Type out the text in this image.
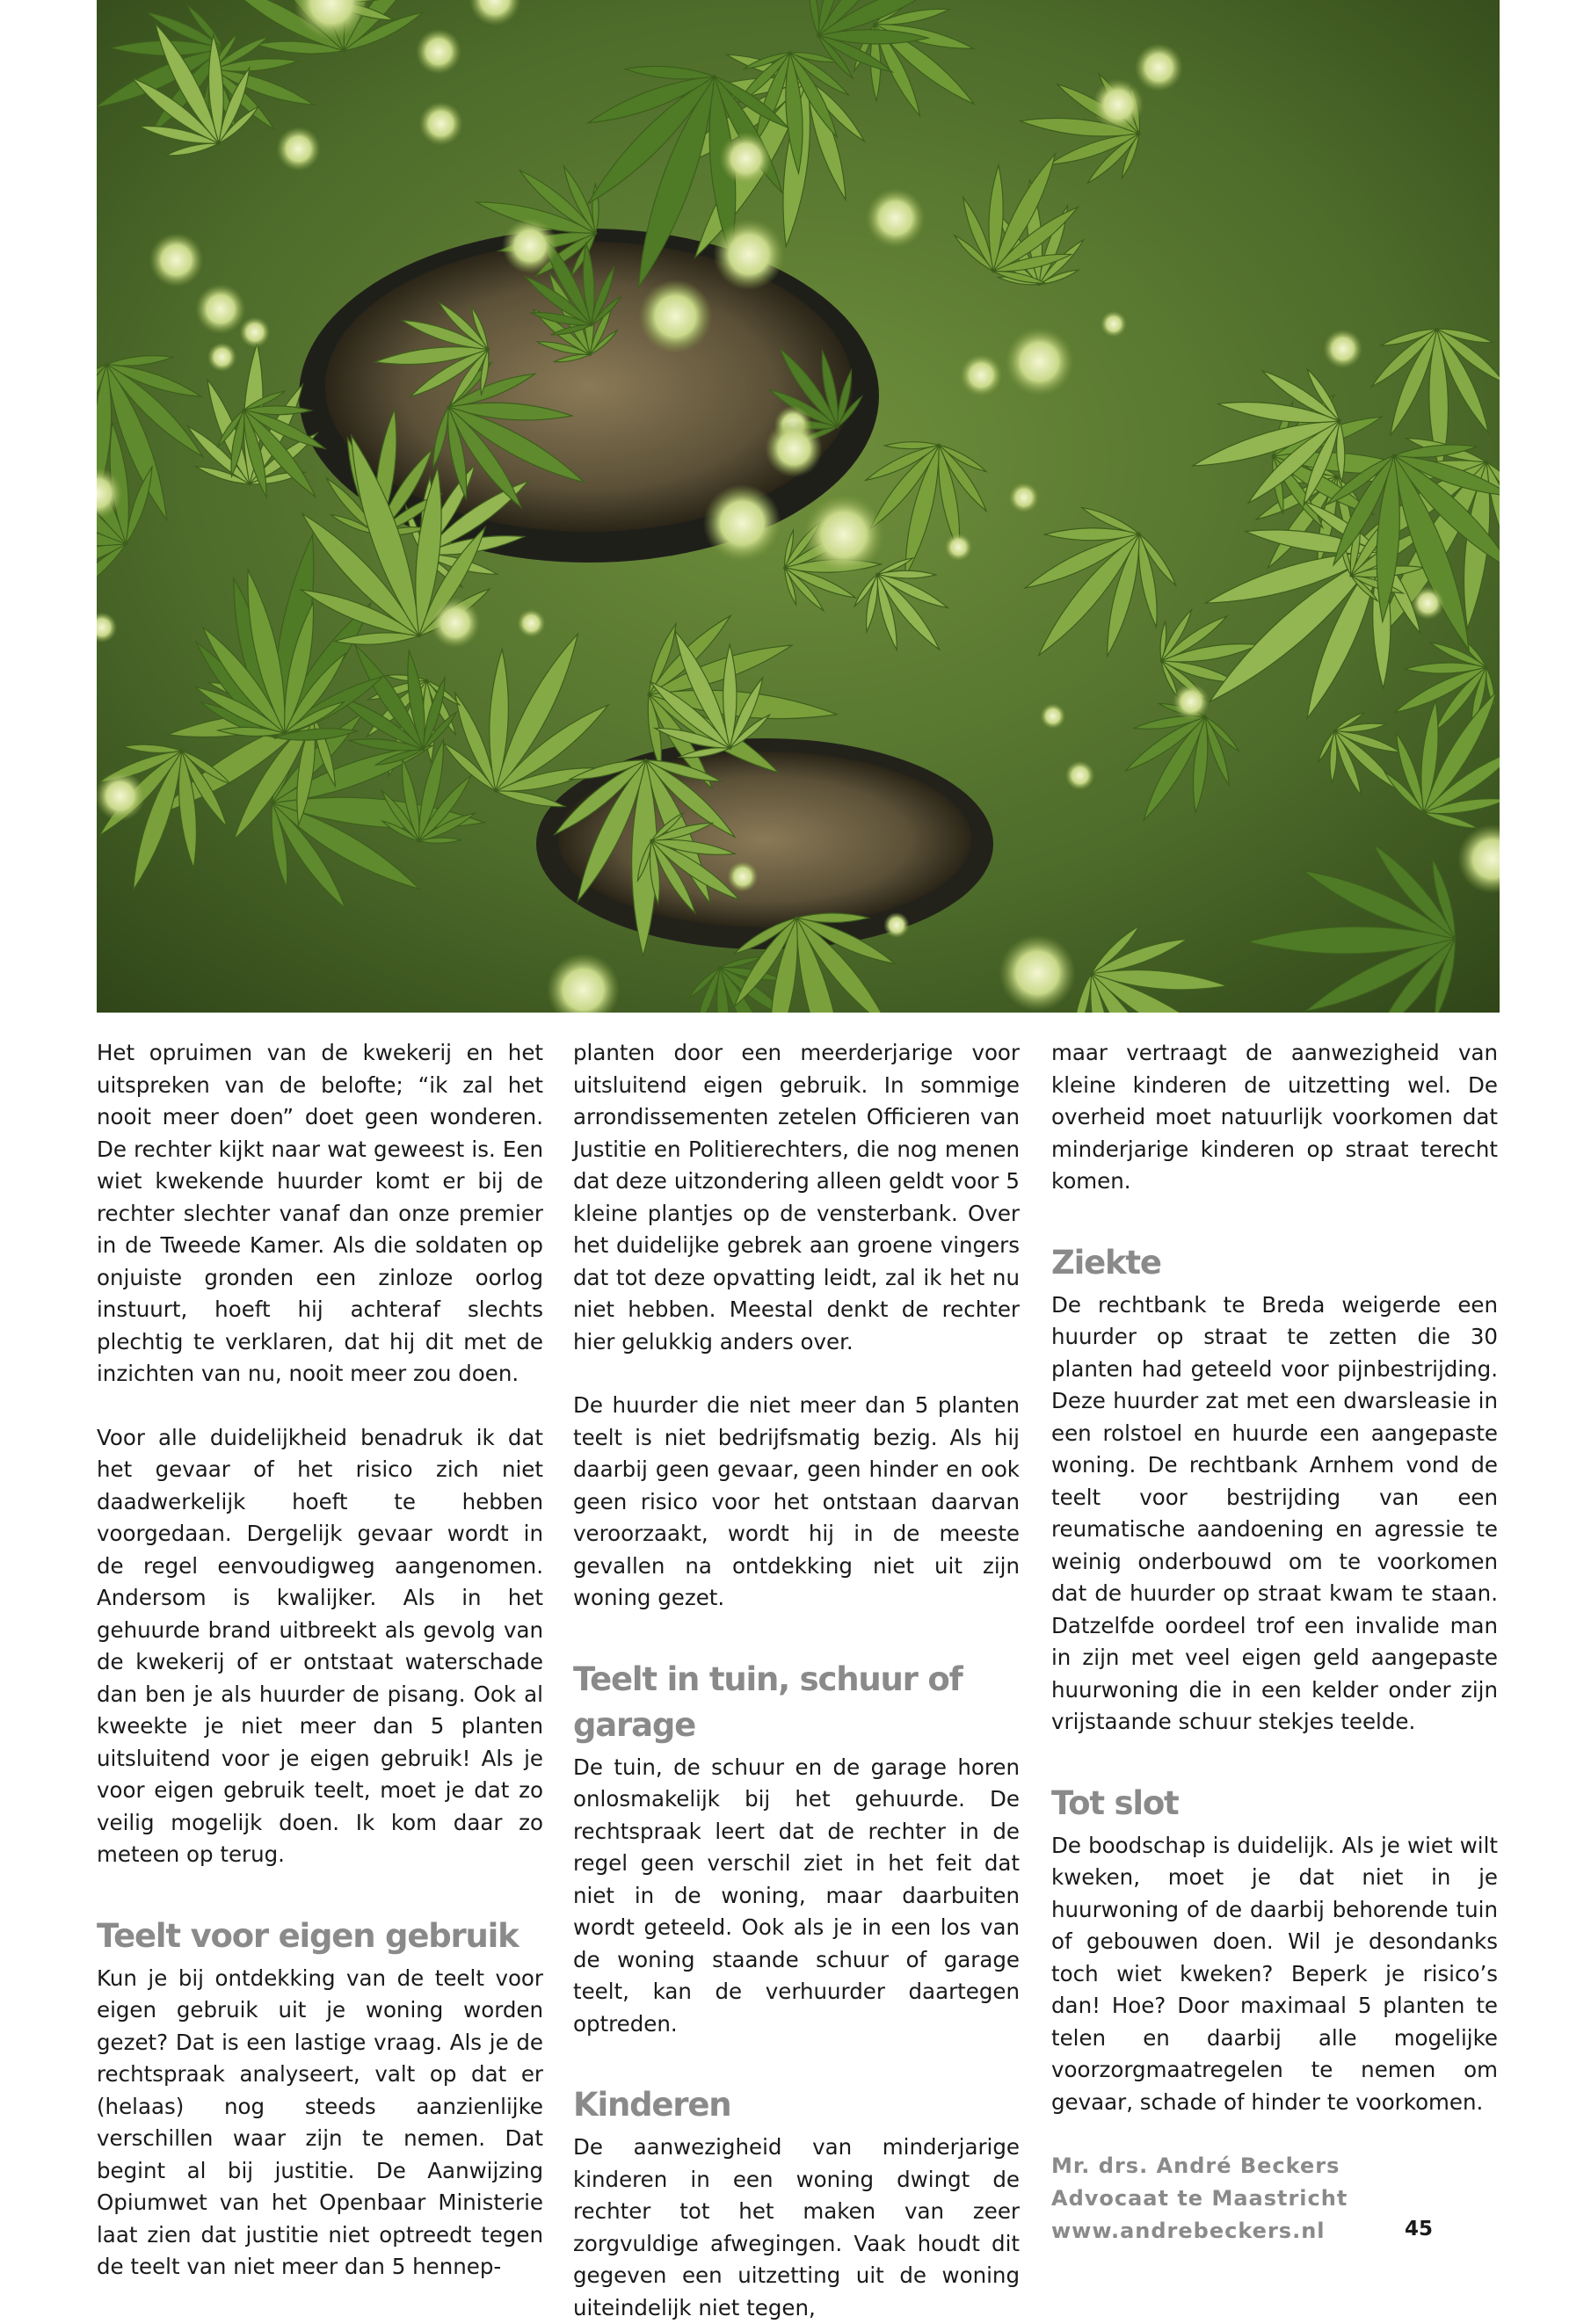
Het opruimen van de kwekerij en het uitspreken van de belofte; “ik zal het nooit meer doen” doet geen wonderen. De rechter kijkt naar wat geweest is. Een wiet kwekende huurder komt er bij de rechter slechter vanaf dan onze premier in de Tweede Kamer. Als die soldaten op onjuiste gronden een zinloze oorlog instuurt, hoeft hij achteraf slechts plechtig te verklaren, dat hij dit met de inzichten van nu, nooit meer zou doen.

Voor alle duidelijkheid benadruk ik dat het gevaar of het risico zich niet daadwerkelijk hoeft te hebben voorgedaan. Dergelijk gevaar wordt in de regel eenvoudigweg aangenomen. Andersom is kwalijker. Als in het gehuurde brand uitbreekt als gevolg van de kwekerij of er ontstaat waterschade dan ben je als huurder de pisang. Ook al kweekte je niet meer dan 5 planten uitsluitend voor je eigen gebruik! Als je voor eigen gebruik teelt, moet je dat zo veilig mogelijk doen. Ik kom daar zo meteen op terug.

Teelt voor eigen gebruik

Kun je bij ontdekking van de teelt voor eigen gebruik uit je woning worden gezet? Dat is een lastige vraag. Als je de rechtspraak analyseert, valt op dat er (helaas) nog steeds aanzienlijke verschillen waar zijn te nemen. Dat begint al bij justitie. De Aanwijzing Opiumwet van het Openbaar Ministerie laat zien dat justitie niet optreedt tegen de teelt van niet meer dan 5 hennep-

planten door een meerderjarige voor uitsluitend eigen gebruik. In sommige arrondissementen zetelen Officieren van Justitie en Politierechters, die nog menen dat deze uitzondering alleen geldt voor 5 kleine plantjes op de vensterbank. Over het duidelijke gebrek aan groene vingers dat tot deze opvatting leidt, zal ik het nu niet hebben. Meestal denkt de rechter hier gelukkig anders over.

De huurder die niet meer dan 5 planten teelt is niet bedrijfsmatig bezig. Als hij daarbij geen gevaar, geen hinder en ook geen risico voor het ontstaan daarvan veroorzaakt, wordt hij in de meeste gevallen na ontdekking niet uit zijn woning gezet.

Teelt in tuin, schuur of garage

De tuin, de schuur en de garage horen onlosmakelijk bij het gehuurde. De rechtspraak leert dat de rechter in de regel geen verschil ziet in het feit dat niet in de woning, maar daarbuiten wordt geteeld. Ook als je in een los van de woning staande schuur of garage teelt, kan de verhuurder daartegen optreden.

Kinderen

De aanwezigheid van minderjarige kinderen in een woning dwingt de rechter tot het maken van zeer zorgvuldige afwegingen. Vaak houdt dit gegeven een uitzetting uit de woning uiteindelijk niet tegen,

maar vertraagt de aanwezigheid van kleine kinderen de uitzetting wel. De overheid moet natuurlijk voorkomen dat minderjarige kinderen op straat terecht komen.

Ziekte

De rechtbank te Breda weigerde een huurder op straat te zetten die 30 planten had geteeld voor pijnbestrijding. Deze huurder zat met een dwarsleasie in een rolstoel en huurde een aangepaste woning. De rechtbank Arnhem vond de teelt voor bestrijding van een reumatische aandoening en agressie te weinig onderbouwd om te voorkomen dat de huurder op straat kwam te staan. Datzelfde oordeel trof een invalide man in zijn met veel eigen geld aangepaste huurwoning die in een kelder onder zijn vrijstaande schuur stekjes teelde.

Tot slot

De boodschap is duidelijk. Als je wiet wilt kweken, moet je dat niet in je huurwoning of de daarbij behorende tuin of gebouwen doen. Wil je desondanks toch wiet kweken? Beperk je risico’s dan! Hoe? Door maximaal 5 planten te telen en daarbij alle mogelijke voorzorgmaatregelen te nemen om gevaar, schade of hinder te voorkomen.

Mr. drs. André Beckers
Advocaat te Maastricht
www.andrebeckers.nl	45
